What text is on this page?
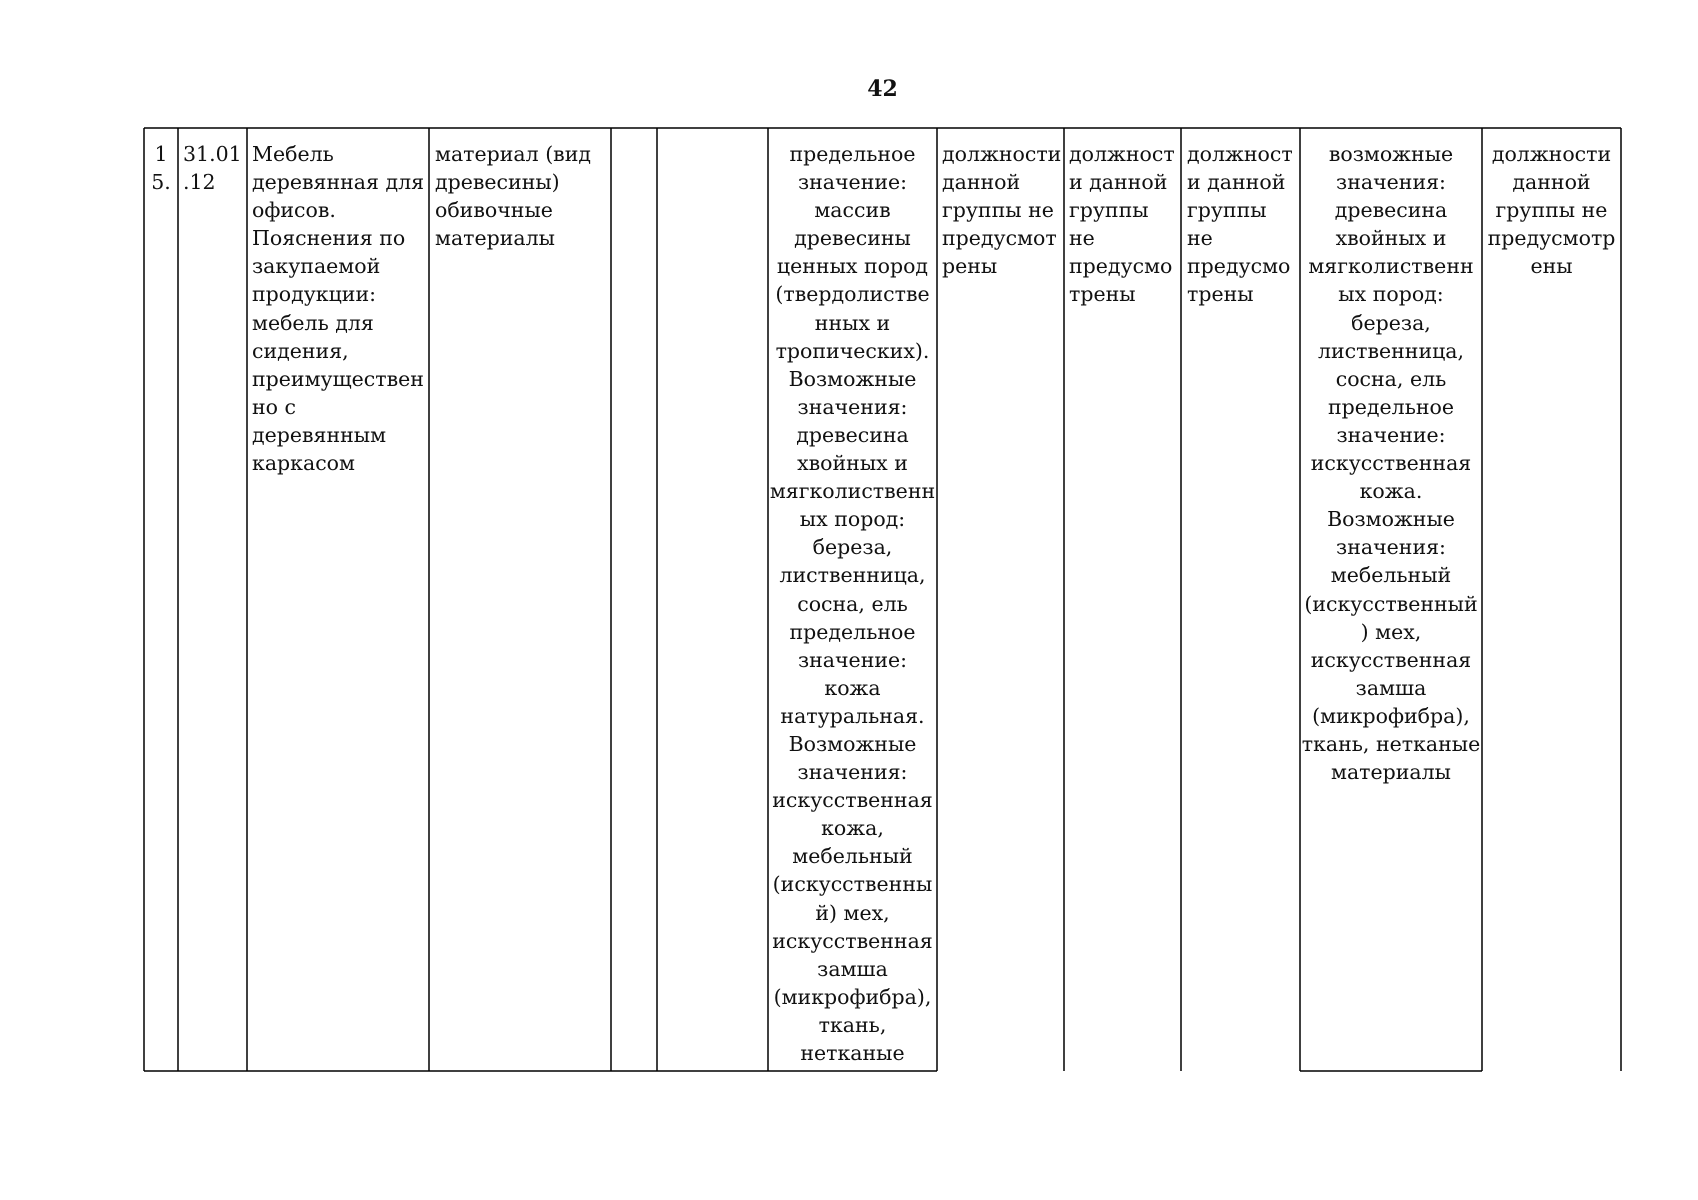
42
1
5.
31.01
.12
Мебель
деревянная для
офисов.
Пояснения по
закупаемой
продукции:
мебель для
сидения,
преимуществен
но с
деревянным
каркасом
материал (вид
древесины)
обивочные
материалы
предельное
значение:
массив
древесины
ценных пород
(твердолистве
нных и
тропических).
Возможные
значения:
древесина
хвойных и
мягколиственн
ых пород:
береза,
лиственница,
сосна, ель
предельное
значение:
кожа
натуральная.
Возможные
значения:
искусственная
кожа,
мебельный
(искусственны
й) мех,
искусственная
замша
(микрофибра),
ткань,
нетканые
должности
данной
группы не
предусмот
рены
должност
и данной
группы
не
предусмо
трены
должност
и данной
группы
не
предусмо
трены
возможные
значения:
древесина
хвойных и
мягколиственн
ых пород:
береза,
лиственница,
сосна, ель
предельное
значение:
искусственная
кожа.
Возможные
значения:
мебельный
(искусственный
) мех,
искусственная
замша
(микрофибра),
ткань, нетканые
материалы
должности
данной
группы не
предусмотр
ены
